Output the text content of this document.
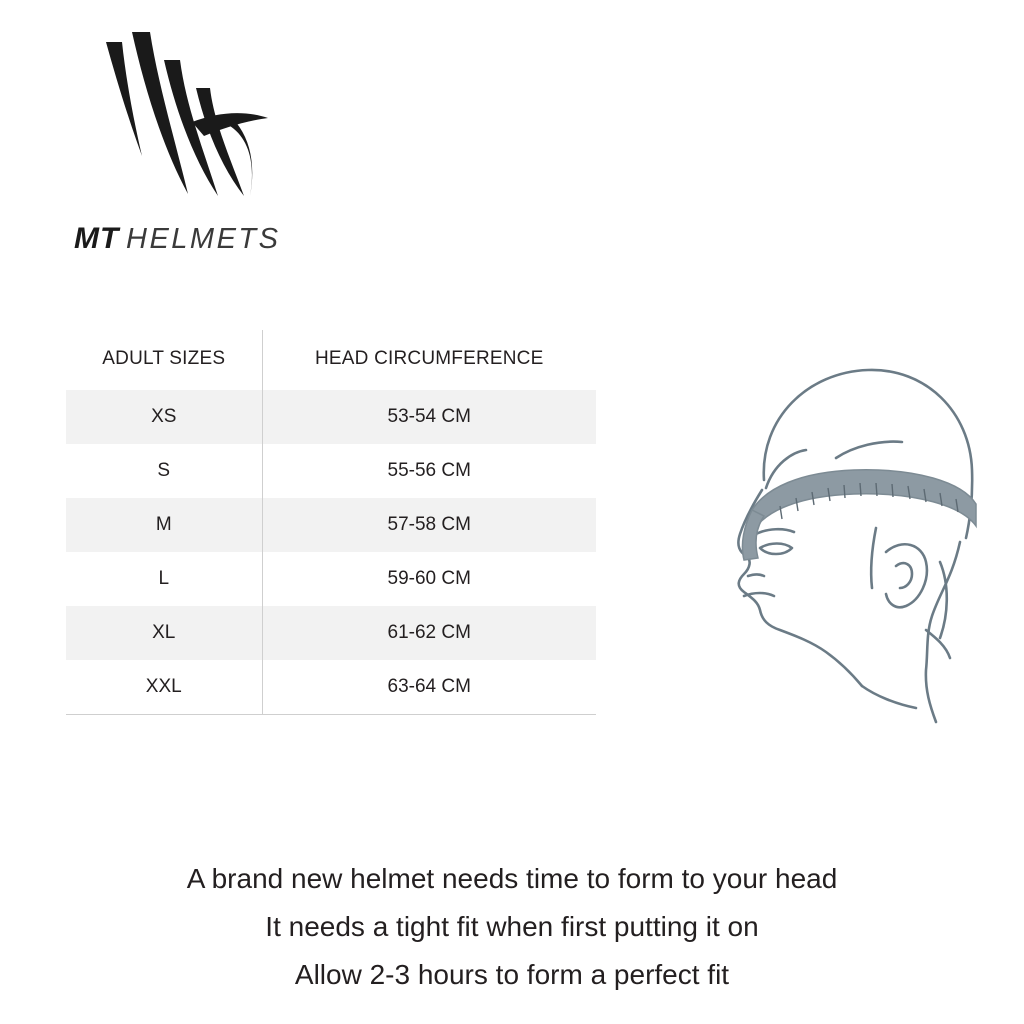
MT HELMETS
ADULT SIZES	HEAD CIRCUMFERENCE
XS	53-54 CM
S	55-56 CM
M	57-58 CM
L	59-60 CM
XL	61-62 CM
XXL	63-64 CM
A brand new helmet needs time to form to your head
It needs a tight fit when first putting it on
Allow 2-3 hours to form a perfect fit
